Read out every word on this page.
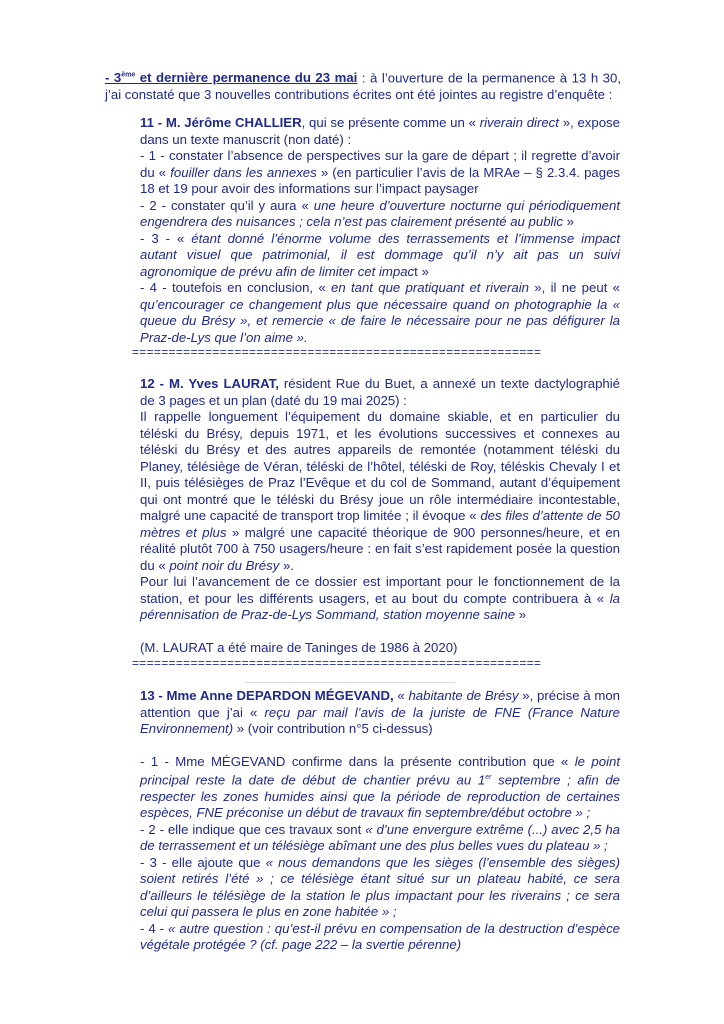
- 3ème et dernière permanence du 23 mai : à l’ouverture de la permanence à 13 h 30, j’ai constaté que 3 nouvelles contributions écrites ont été jointes au registre d’enquête :

11 - M. Jérôme CHALLIER, qui se présente comme un « riverain direct », expose dans un texte manuscrit (non daté) :

- 1 - constater l’absence de perspectives sur la gare de départ ; il regrette d’avoir du « fouiller dans les annexes » (en particulier l’avis de la MRAe – § 2.3.4. pages 18 et 19 pour avoir des informations sur l’impact paysager

- 2 - constater qu’il y aura « une heure d’ouverture nocturne qui périodiquement engendrera des nuisances ; cela n’est pas clairement présenté au public »

- 3 - « étant donné l’énorme volume des terrassements et l’immense impact autant visuel que patrimonial, il est dommage qu’il n’y ait pas un suivi agronomique de prévu afin de limiter cet impact »

- 4 - toutefois en conclusion, « en tant que pratiquant et riverain », il ne peut « qu’encourager ce changement plus que nécessaire quand on photographie la « queue du Brésy », et remercie « de faire le nécessaire pour ne pas défigurer la Praz-de-Lys que l’on aime ».

========================================================

12 - M. Yves LAURAT, résident Rue du Buet, a annexé un texte dactylographié de 3 pages et un plan (daté du 19 mai 2025) :

Il rappelle longuement l’équipement du domaine skiable, et en particulier du téléski du Brésy, depuis 1971, et les évolutions successives et connexes au téléski du Brésy et des autres appareils de remontée (notamment téléski du Planey, télésiège de Véran, téléski de l’hôtel, téléski de Roy, téléskis Chevaly I et II, puis télésièges de Praz l’Evêque et du col de Sommand, autant d’équipement qui ont montré que le téléski du Brésy joue un rôle intermédiaire incontestable, malgré une capacité de transport trop limitée ; il évoque « des files d’attente de 50 mètres et plus » malgré une capacité théorique de 900 personnes/heure, et en réalité plutôt 700 à 750 usagers/heure : en fait s’est rapidement posée la question du « point noir du Brésy ».

Pour lui l’avancement de ce dossier est important pour le fonctionnement de la station, et pour les différents usagers, et au bout du compte contribuera à « la pérennisation de Praz-de-Lys Sommand, station moyenne saine »

(M. LAURAT a été maire de Taninges de 1986 à 2020)

========================================================

13 - Mme Anne DEPARDON MÉGEVAND, « habitante de Brésy », précise à mon attention que j’ai « reçu par mail l’avis de la juriste de FNE (France Nature Environnement) » (voir contribution n°5 ci-dessus)

- 1 - Mme MÉGEVAND confirme dans la présente contribution que « le point principal reste la date de début de chantier prévu au 1er septembre ; afin de respecter les zones humides ainsi que la période de reproduction de certaines espèces, FNE préconise un début de travaux fin septembre/début octobre » ;

- 2 - elle indique que ces travaux sont « d’une envergure extrême (...) avec 2,5 ha de terrassement et un télésiège abîmant une des plus belles vues du plateau » ;

- 3 - elle ajoute que « nous demandons que les sièges (l’ensemble des sièges) soient retirés l’été » ; ce télésiège étant situé sur un plateau habité, ce sera d’ailleurs le télésiège de la station le plus impactant pour les riverains ; ce sera celui qui passera le plus en zone habitée » ;

- 4 - « autre question : qu’est-il prévu en compensation de la destruction d’espèce végétale protégée ? (cf. page 222 – la svertie pérenne)
